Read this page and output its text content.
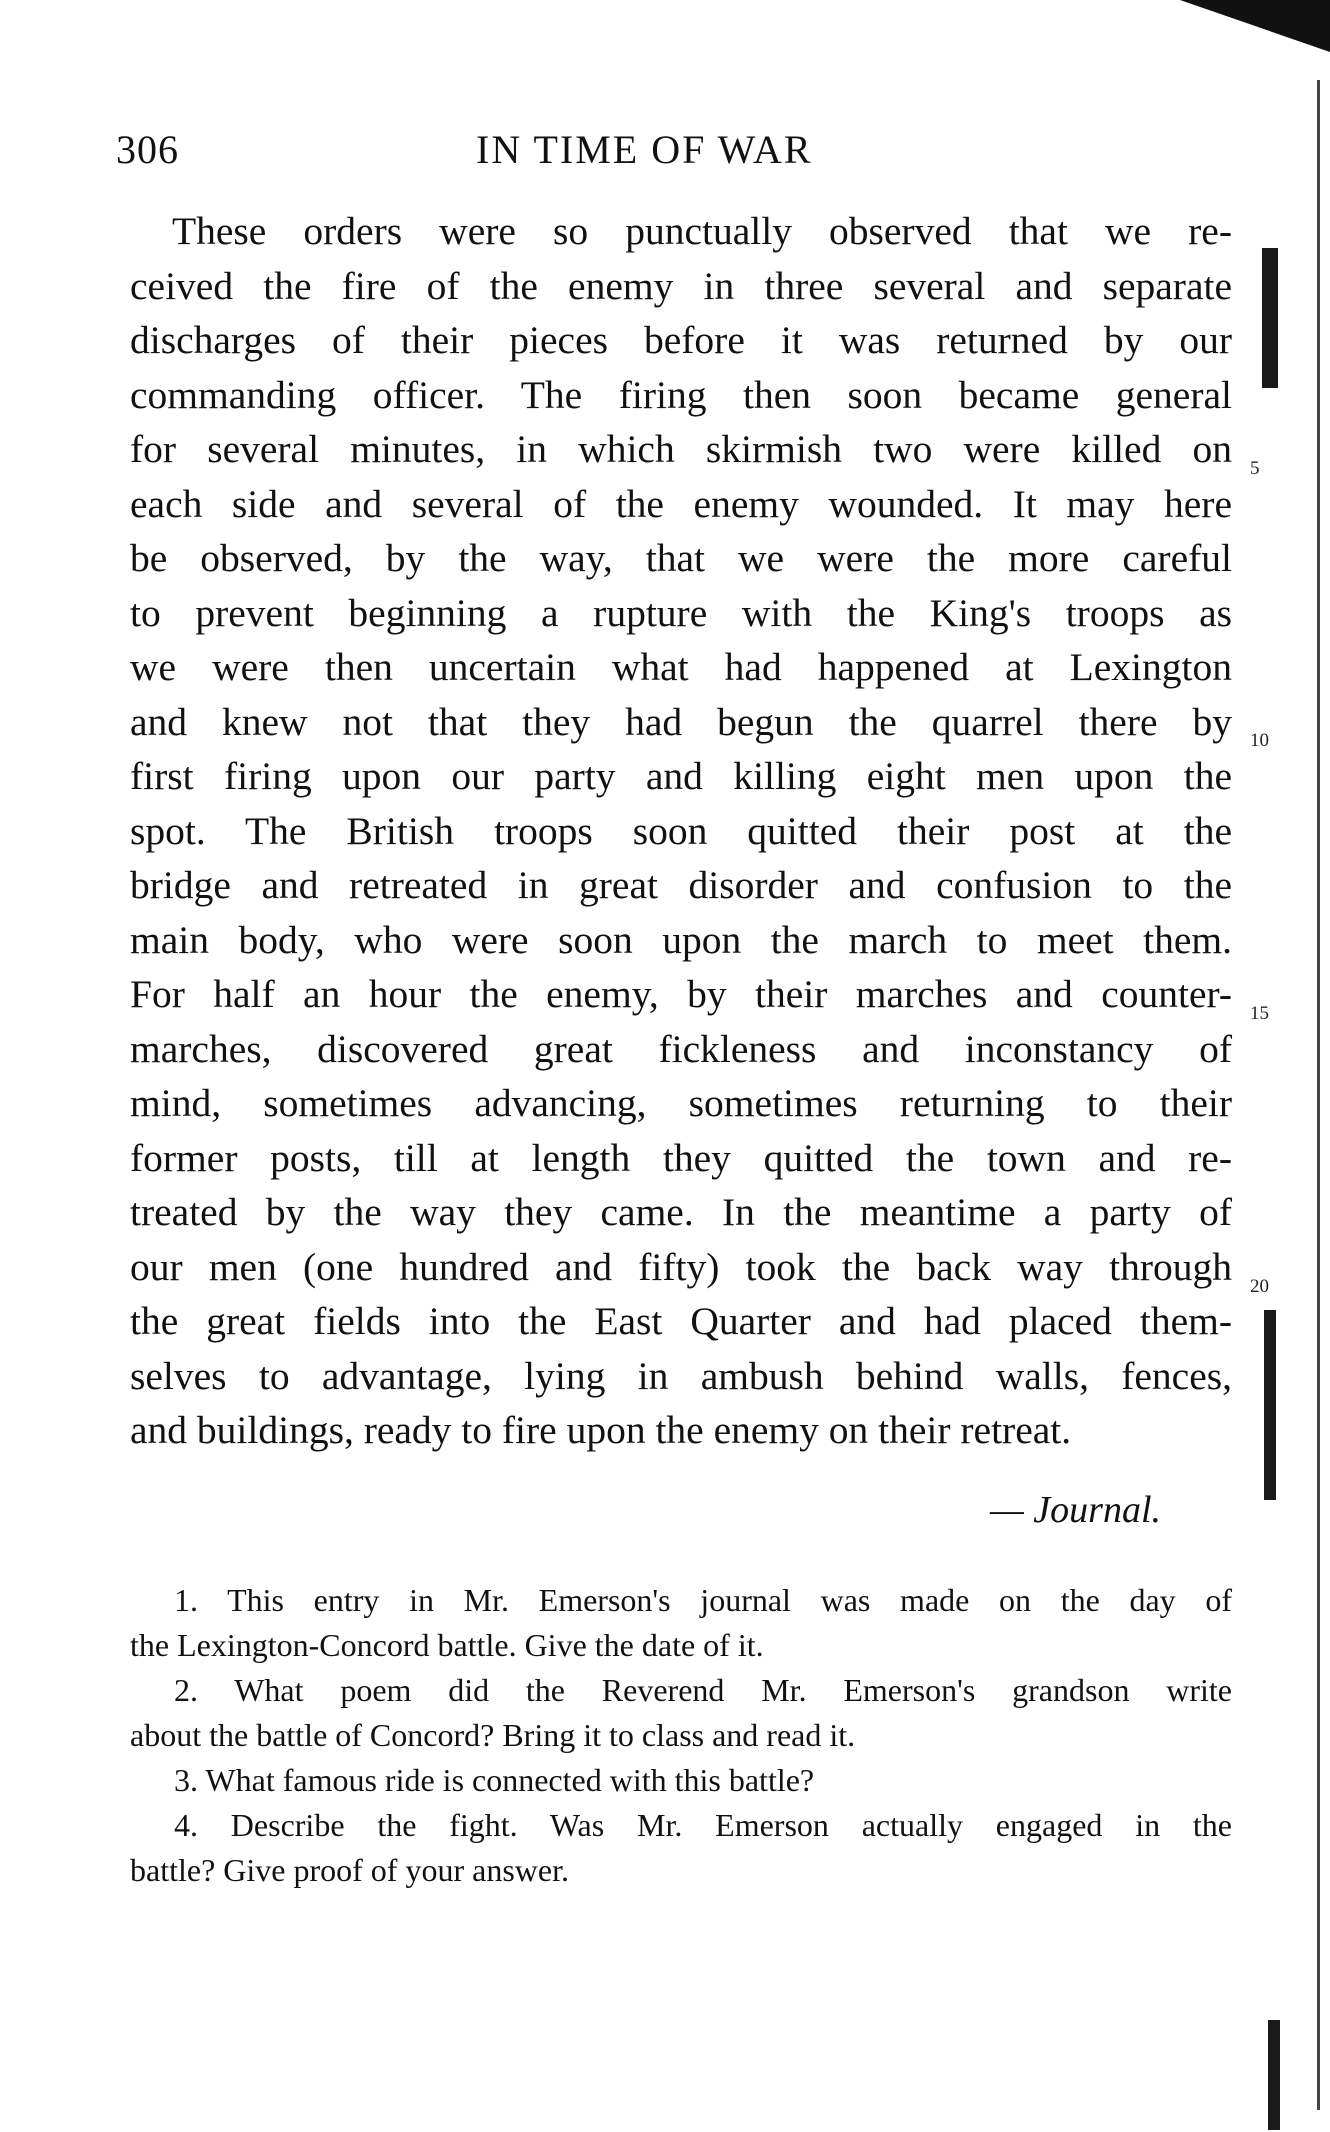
306	IN TIME OF WAR
These orders were so punctually observed that we re-
ceived the fire of the enemy in three several and separate
discharges of their pieces before it was returned by our
commanding officer. The firing then soon became general
for several minutes, in which skirmish two were killed on
each side and several of the enemy wounded. It may here
be observed, by the way, that we were the more careful
to prevent beginning a rupture with the King's troops as
we were then uncertain what had happened at Lexington
and knew not that they had begun the quarrel there by
first firing upon our party and killing eight men upon the
spot. The British troops soon quitted their post at the
bridge and retreated in great disorder and confusion to the
main body, who were soon upon the march to meet them.
For half an hour the enemy, by their marches and counter-
marches, discovered great fickleness and inconstancy of
mind, sometimes advancing, sometimes returning to their
former posts, till at length they quitted the town and re-
treated by the way they came. In the meantime a party of
our men (one hundred and fifty) took the back way through
the great fields into the East Quarter and had placed them-
selves to advantage, lying in ambush behind walls, fences,
and buildings, ready to fire upon the enemy on their retreat.
5
10
15
20
— Journal.
1. This entry in Mr. Emerson's journal was made on the day of
the Lexington-Concord battle. Give the date of it.
2. What poem did the Reverend Mr. Emerson's grandson write
about the battle of Concord? Bring it to class and read it.
3. What famous ride is connected with this battle?
4. Describe the fight. Was Mr. Emerson actually engaged in the
battle? Give proof of your answer.
